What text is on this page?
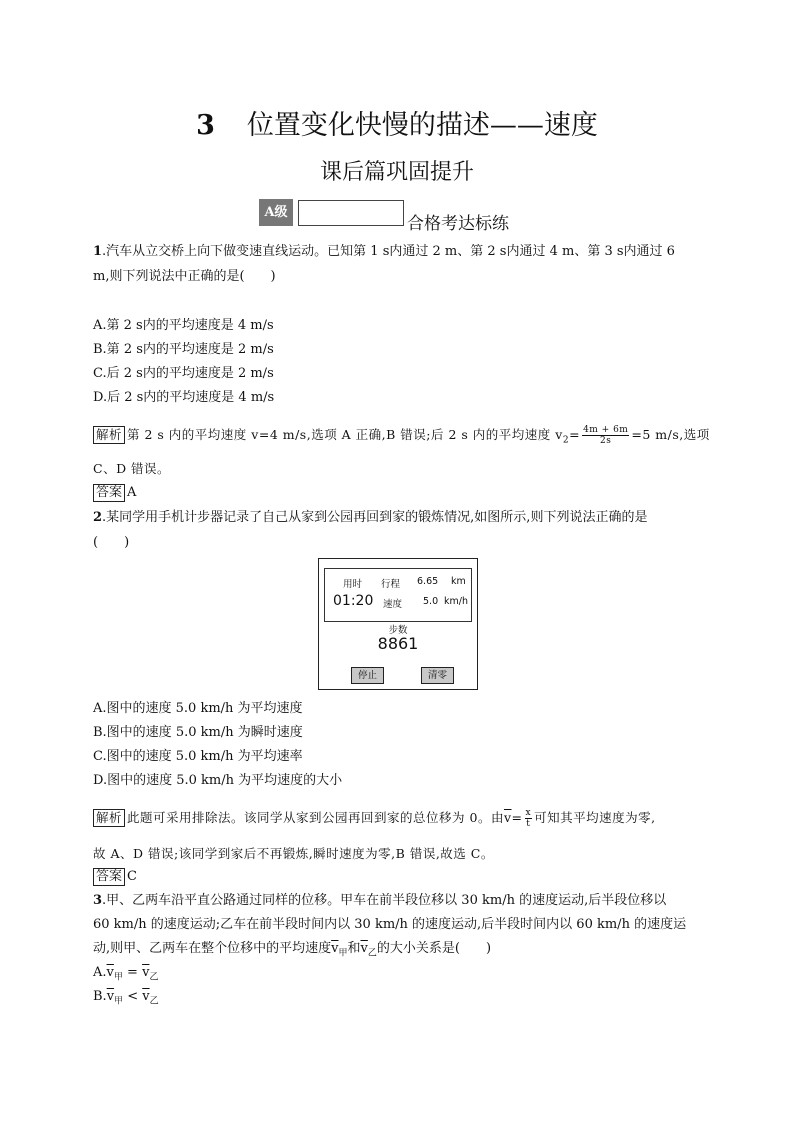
3 位置变化快慢的描述——速度
课后篇巩固提升
A级
合格考达标练
1.汽车从立交桥上向下做变速直线运动。已知第 1 s内通过 2 m、第 2 s内通过 4 m、第 3 s内通过 6
m,则下列说法中正确的是(　　)
A.第 2 s内的平均速度是 4 m/s
B.第 2 s内的平均速度是 2 m/s
C.后 2 s内的平均速度是 2 m/s
D.后 2 s内的平均速度是 4 m/s
解析 第 2 s 内的平均速度 v=4 m/s,选项 A 正确,B 错误;后 2 s 内的平均速度 $v_2= \frac{4m + 6m}{2s} =5$ m/s,选项
C、D 错误。
答案 A
2.某同学用手机计步器记录了自己从家到公园再回到家的锻炼情况,如图所示,则下列说法正确的是
(　　)
用时 行程 6.65 km
01:20 速度 5.0 km/h
步数
8861
停止	清零
A.图中的速度 5.0 km/h 为平均速度
B.图中的速度 5.0 km/h 为瞬时速度
C.图中的速度 5.0 km/h 为平均速率
D.图中的速度 5.0 km/h 为平均速度的大小
解析 此题可采用排除法。该同学从家到公园再回到家的总位移为 0。由$\overline{v}= \frac{x}{t}$ 可知其平均速度为零,
故 A、D 错误;该同学到家后不再锻炼,瞬时速度为零,B 错误,故选 C。
答案 C
3.甲、乙两车沿平直公路通过同样的位移。甲车在前半段位移以 30 km/h 的速度运动,后半段位移以
60 km/h 的速度运动;乙车在前半段时间内以 30 km/h 的速度运动,后半段时间内以 60 km/h 的速度运
动,则甲、乙两车在整个位移中的平均速度$\overline{v}_甲$和$\overline{v}_乙$的大小关系是(　　)
$A.\overline{v}_甲 = \overline{v}_乙$
$B.\overline{v}_甲 < \overline{v}_乙$
